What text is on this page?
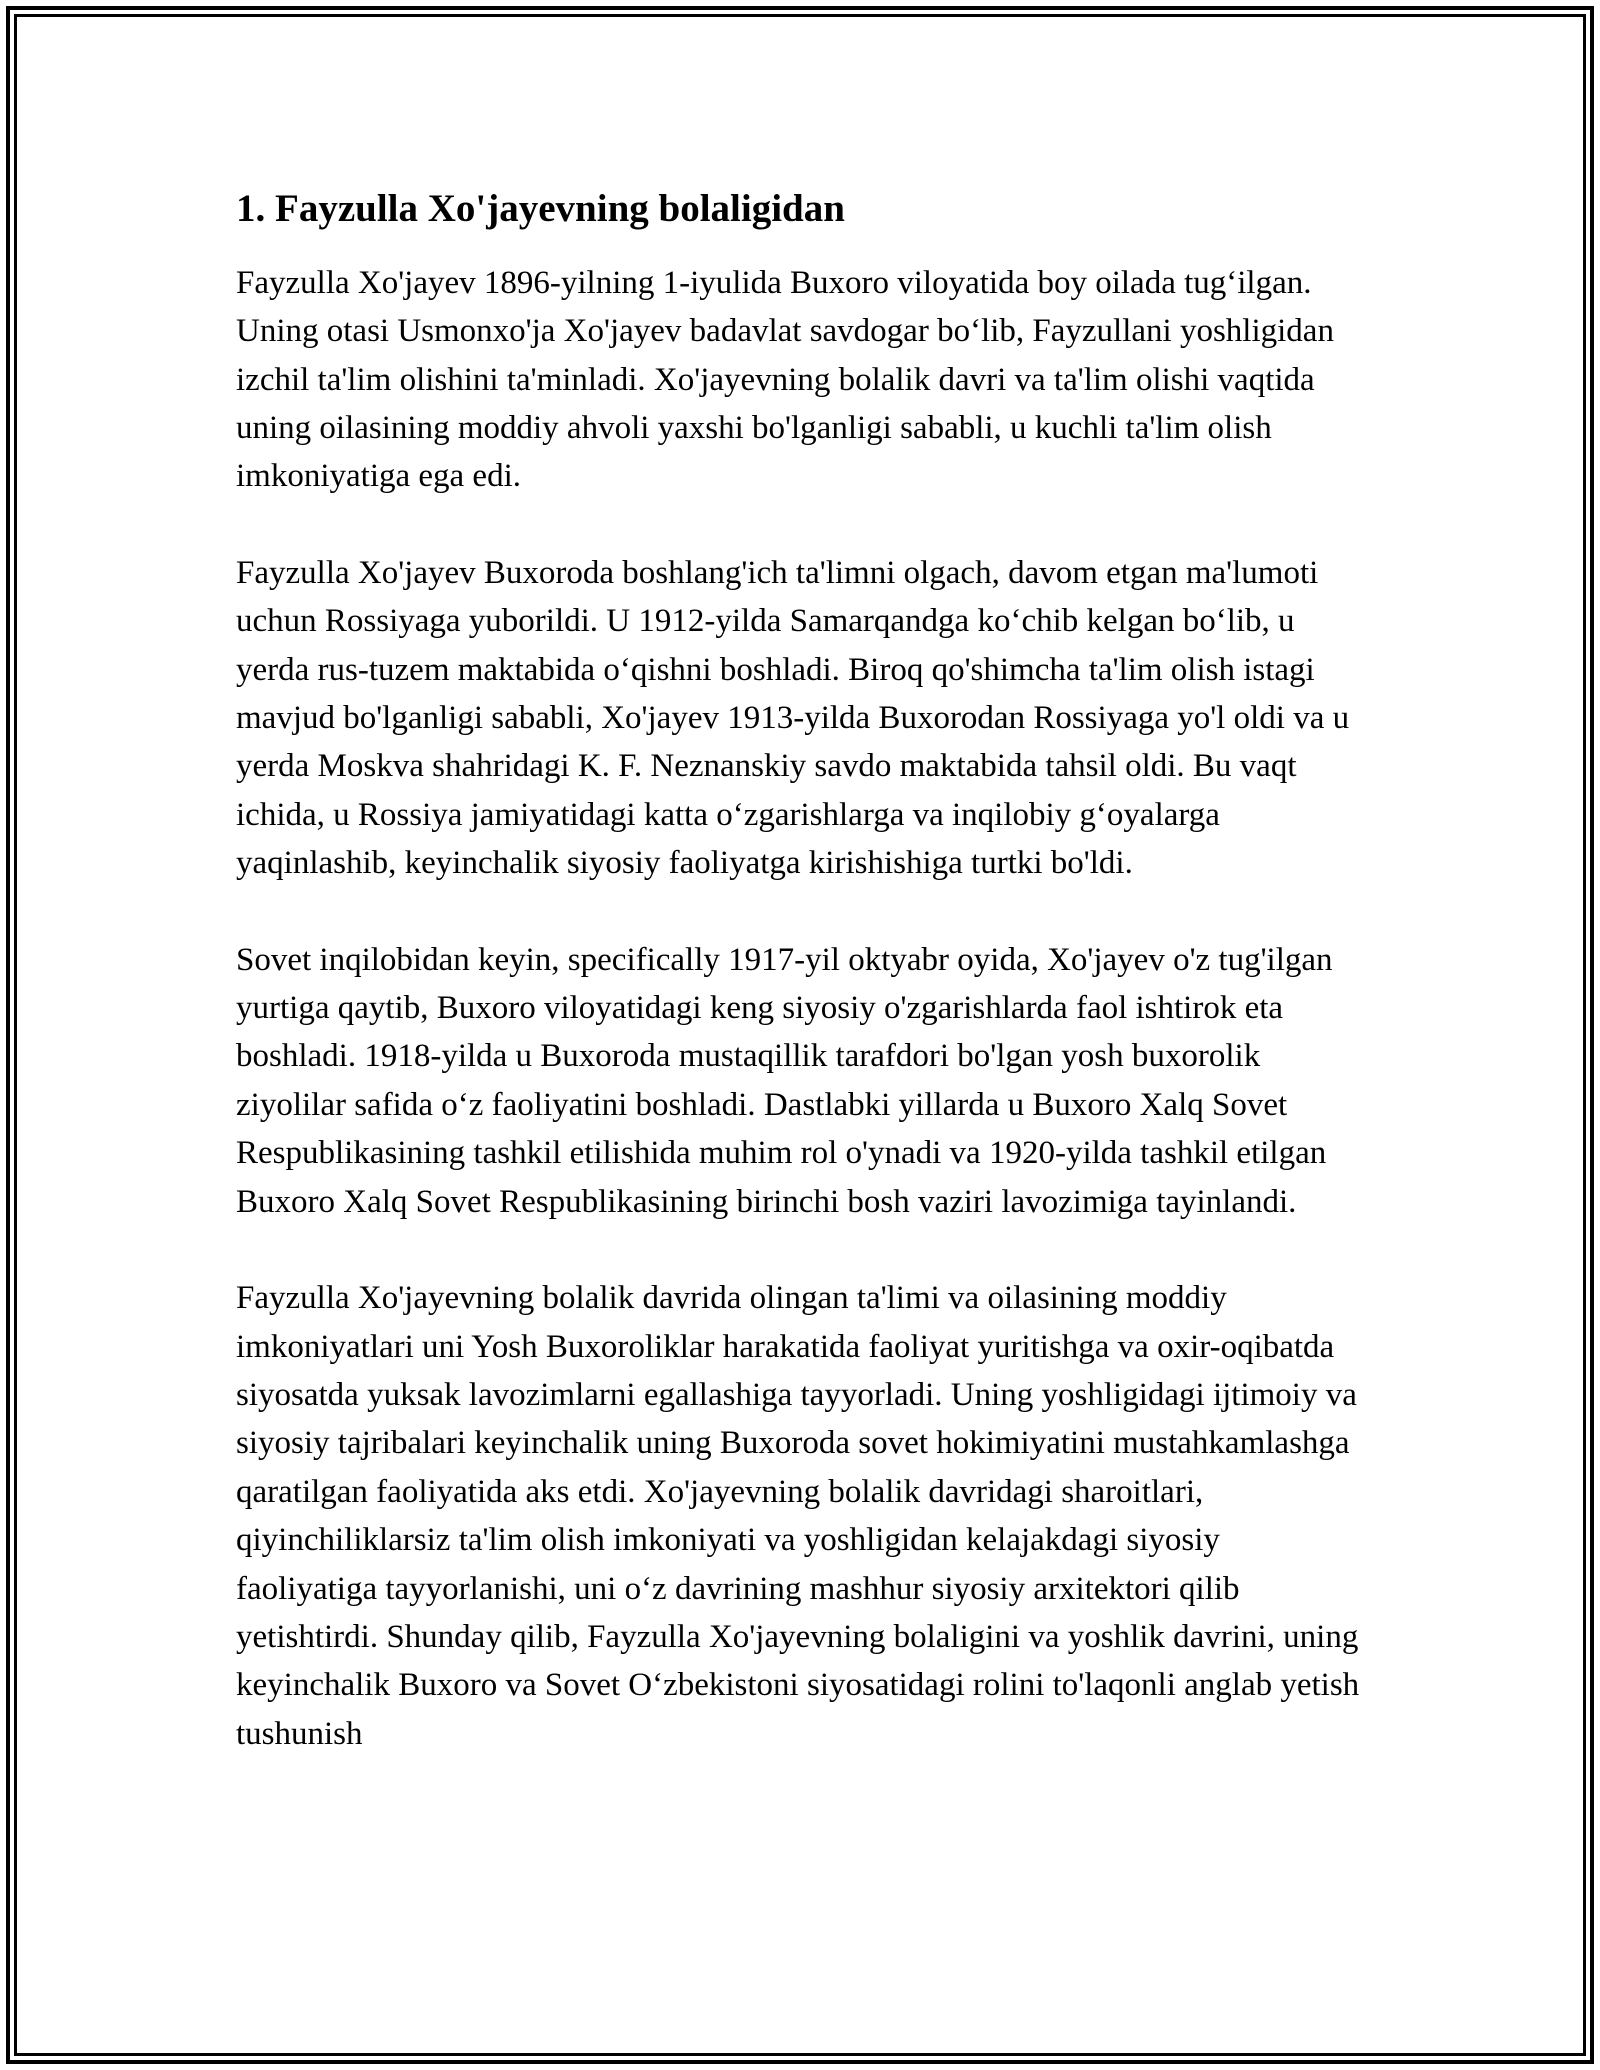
1. Fayzulla Xo'jayevning bolaligidan

Fayzulla Xo'jayev 1896-yilning 1-iyulida Buxoro viloyatida boy oilada tug‘ilgan. Uning otasi Usmonxo'ja Xo'jayev badavlat savdogar bo‘lib, Fayzullani yoshligidan izchil ta'lim olishini ta'minladi. Xo'jayevning bolalik davri va ta'lim olishi vaqtida uning oilasining moddiy ahvoli yaxshi bo'lganligi sababli, u kuchli ta'lim olish imkoniyatiga ega edi.

Fayzulla Xo'jayev Buxoroda boshlang'ich ta'limni olgach, davom etgan ma'lumoti uchun Rossiyaga yuborildi. U 1912-yilda Samarqandga ko‘chib kelgan bo‘lib, u yerda rus-tuzem maktabida o‘qishni boshladi. Biroq qo'shimcha ta'lim olish istagi mavjud bo'lganligi sababli, Xo'jayev 1913-yilda Buxorodan Rossiyaga yo'l oldi va u yerda Moskva shahridagi K. F. Neznanskiy savdo maktabida tahsil oldi. Bu vaqt ichida, u Rossiya jamiyatidagi katta o‘zgarishlarga va inqilobiy g‘oyalarga yaqinlashib, keyinchalik siyosiy faoliyatga kirishishiga turtki bo'ldi.

Sovet inqilobidan keyin, specifically 1917-yil oktyabr oyida, Xo'jayev o'z tug'ilgan yurtiga qaytib, Buxoro viloyatidagi keng siyosiy o'zgarishlarda faol ishtirok eta boshladi. 1918-yilda u Buxoroda mustaqillik tarafdori bo'lgan yosh buxorolik ziyolilar safida o‘z faoliyatini boshladi. Dastlabki yillarda u Buxoro Xalq Sovet Respublikasining tashkil etilishida muhim rol o'ynadi va 1920-yilda tashkil etilgan Buxoro Xalq Sovet Respublikasining birinchi bosh vaziri lavozimiga tayinlandi.

Fayzulla Xo'jayevning bolalik davrida olingan ta'limi va oilasining moddiy imkoniyatlari uni Yosh Buxoroliklar harakatida faoliyat yuritishga va oxir-oqibatda siyosatda yuksak lavozimlarni egallashiga tayyorladi. Uning yoshligidagi ijtimoiy va siyosiy tajribalari keyinchalik uning Buxoroda sovet hokimiyatini mustahkamlashga qaratilgan faoliyatida aks etdi. Xo'jayevning bolalik davridagi sharoitlari, qiyinchiliklarsiz ta'lim olish imkoniyati va yoshligidan kelajakdagi siyosiy faoliyatiga tayyorlanishi, uni o‘z davrining mashhur siyosiy arxitektori qilib yetishtirdi. Shunday qilib, Fayzulla Xo'jayevning bolaligini va yoshlik davrini, uning keyinchalik Buxoro va Sovet O‘zbekistoni siyosatidagi rolini to'laqonli anglab yetish tushunish
